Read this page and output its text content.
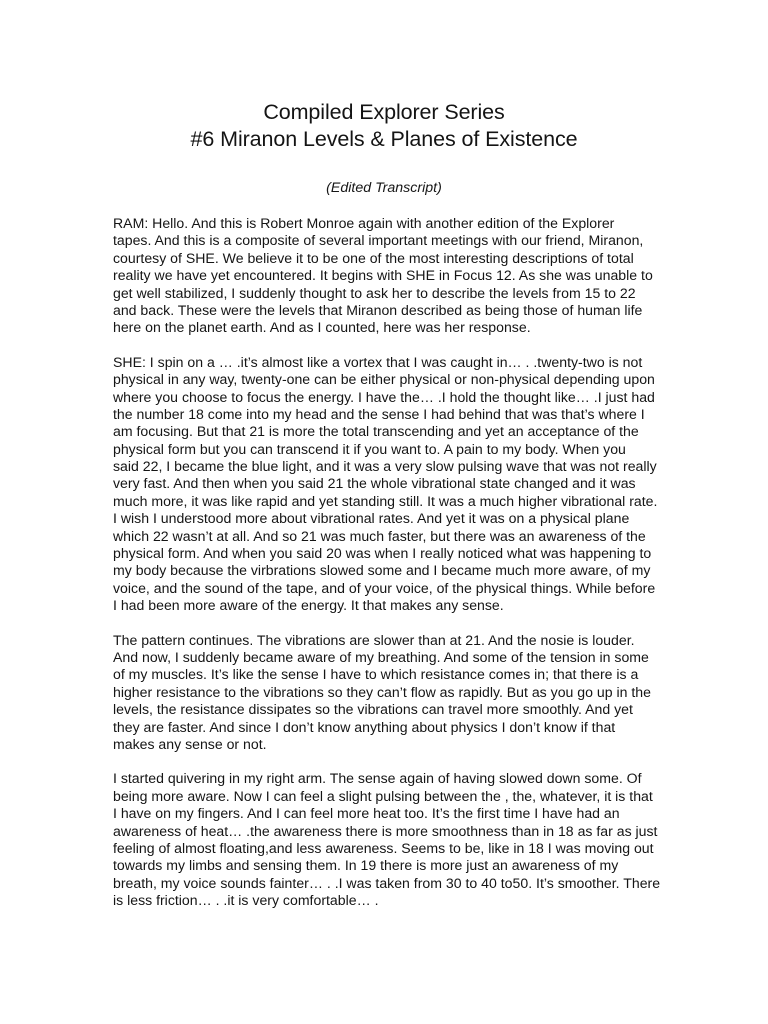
Compiled Explorer Series
#6 Miranon Levels & Planes of Existence
(Edited Transcript)
RAM: Hello. And this is Robert Monroe again with another edition of the Explorer
tapes. And this is a composite of several important meetings with our friend, Miranon,
courtesy of SHE. We believe it to be one of the most interesting descriptions of total
reality we have yet encountered. It begins with SHE in Focus 12. As she was unable to
get well stabilized, I suddenly thought to ask her to describe the levels from 15 to 22
and back. These were the levels that Miranon described as being those of human life
here on the planet earth. And as I counted, here was her response.
SHE: I spin on a … .it’s almost like a vortex that I was caught in… . .twenty-two is not
physical in any way, twenty-one can be either physical or non-physical depending upon
where you choose to focus the energy. I have the… .I hold the thought like… .I just had
the number 18 come into my head and the sense I had behind that was that’s where I
am focusing. But that 21 is more the total transcending and yet an acceptance of the
physical form but you can transcend it if you want to. A pain to my body. When you
said 22, I became the blue light, and it was a very slow pulsing wave that was not really
very fast. And then when you said 21 the whole vibrational state changed and it was
much more, it was like rapid and yet standing still. It was a much higher vibrational rate.
I wish I understood more about vibrational rates. And yet it was on a physical plane
which 22 wasn’t at all. And so 21 was much faster, but there was an awareness of the
physical form. And when you said 20 was when I really noticed what was happening to
my body because the virbrations slowed some and I became much more aware, of my
voice, and the sound of the tape, and of your voice, of the physical things. While before
I had been more aware of the energy. It that makes any sense.
The pattern continues. The vibrations are slower than at 21. And the nosie is louder.
And now, I suddenly became aware of my breathing. And some of the tension in some
of my muscles. It’s like the sense I have to which resistance comes in; that there is a
higher resistance to the vibrations so they can’t flow as rapidly. But as you go up in the
levels, the resistance dissipates so the vibrations can travel more smoothly. And yet
they are faster. And since I don’t know anything about physics I don’t know if that
makes any sense or not.
I started quivering in my right arm. The sense again of having slowed down some. Of
being more aware. Now I can feel a slight pulsing between the , the, whatever, it is that
I have on my fingers. And I can feel more heat too. It’s the first time I have had an
awareness of heat… .the awareness there is more smoothness than in 18 as far as just
feeling of almost floating,and less awareness. Seems to be, like in 18 I was moving out
towards my limbs and sensing them. In 19 there is more just an awareness of my
breath, my voice sounds fainter… . .I was taken from 30 to 40 to50. It’s smoother. There
is less friction… . .it is very comfortable… .
